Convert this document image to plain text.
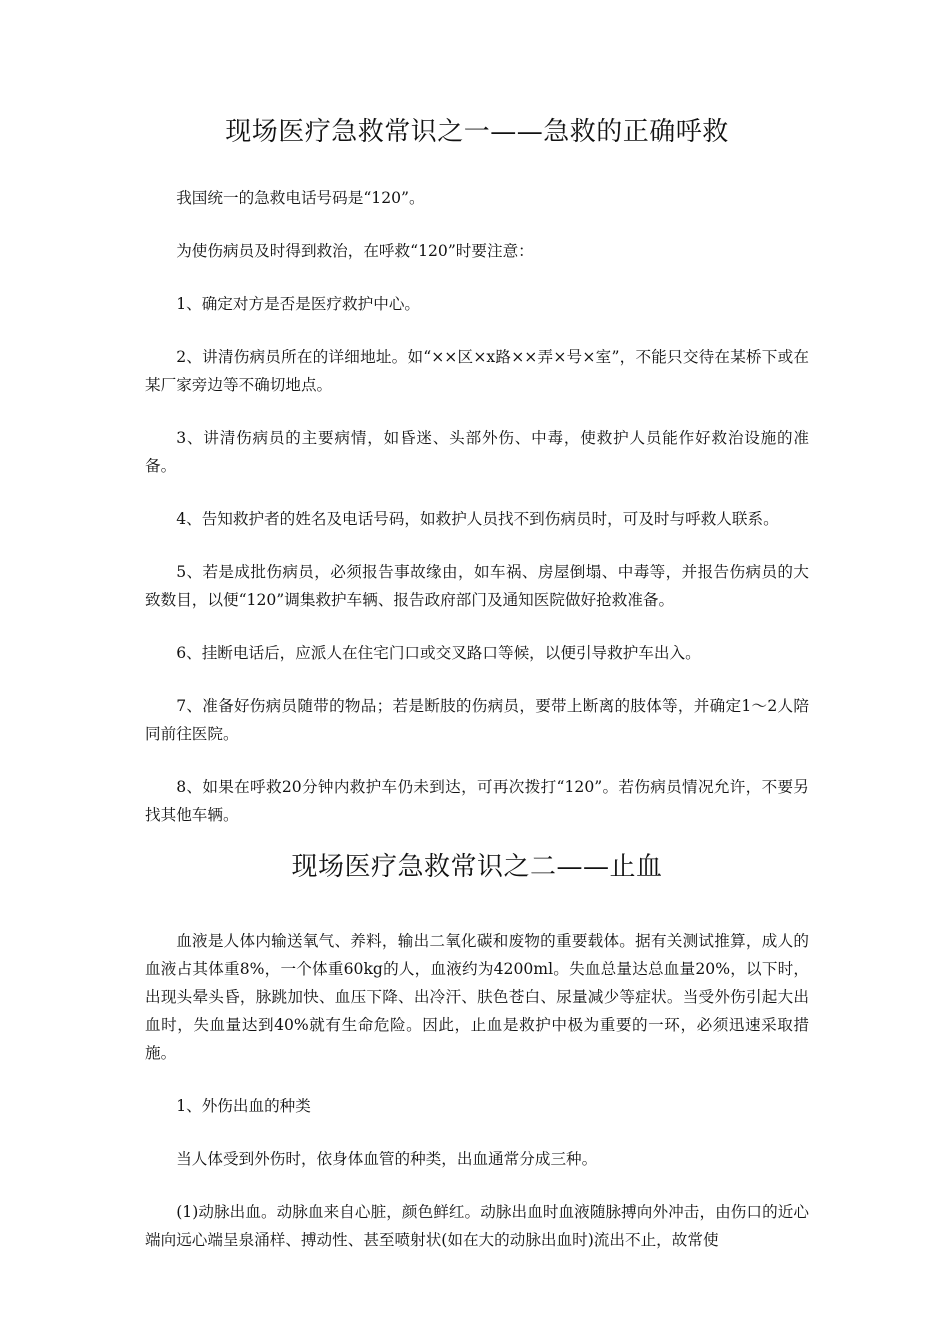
现场医疗急救常识之一——急救的正确呼救

我国统一的急救电话号码是“120”。

为使伤病员及时得到救治，在呼救“120”时要注意：

1、确定对方是否是医疗救护中心。

2、讲清伤病员所在的详细地址。如“××区×x路××弄×号×室”，不能只交待在某桥下或在某厂家旁边等不确切地点。

3、讲清伤病员的主要病情，如昏迷、头部外伤、中毒，使救护人员能作好救治设施的准备。

4、告知救护者的姓名及电话号码，如救护人员找不到伤病员时，可及时与呼救人联系。

5、若是成批伤病员，必须报告事故缘由，如车祸、房屋倒塌、中毒等，并报告伤病员的大致数目，以便“120”调集救护车辆、报告政府部门及通知医院做好抢救准备。

6、挂断电话后，应派人在住宅门口或交叉路口等候，以便引导救护车出入。

7、准备好伤病员随带的物品；若是断肢的伤病员，要带上断离的肢体等，并确定1～2人陪同前往医院。

8、如果在呼救20分钟内救护车仍未到达，可再次拨打“120”。若伤病员情况允许，不要另找其他车辆。

现场医疗急救常识之二——止血

血液是人体内输送氧气、养料，输出二氧化碳和废物的重要载体。据有关测试推算，成人的血液占其体重8%，一个体重60kg的人，血液约为4200ml。失血总量达总血量20%，以下时，出现头晕头昏，脉跳加快、血压下降、出冷汗、肤色苍白、尿量减少等症状。当受外伤引起大出血时，失血量达到40%就有生命危险。因此，止血是救护中极为重要的一环，必须迅速采取措施。

1、外伤出血的种类

当人体受到外伤时，依身体血管的种类，出血通常分成三种。

(1)动脉出血。动脉血来自心脏，颜色鲜红。动脉出血时血液随脉搏向外冲击，由伤口的近心端向远心端呈泉涌样、搏动性、甚至喷射状(如在大的动脉出血时)流出不止，故常使
